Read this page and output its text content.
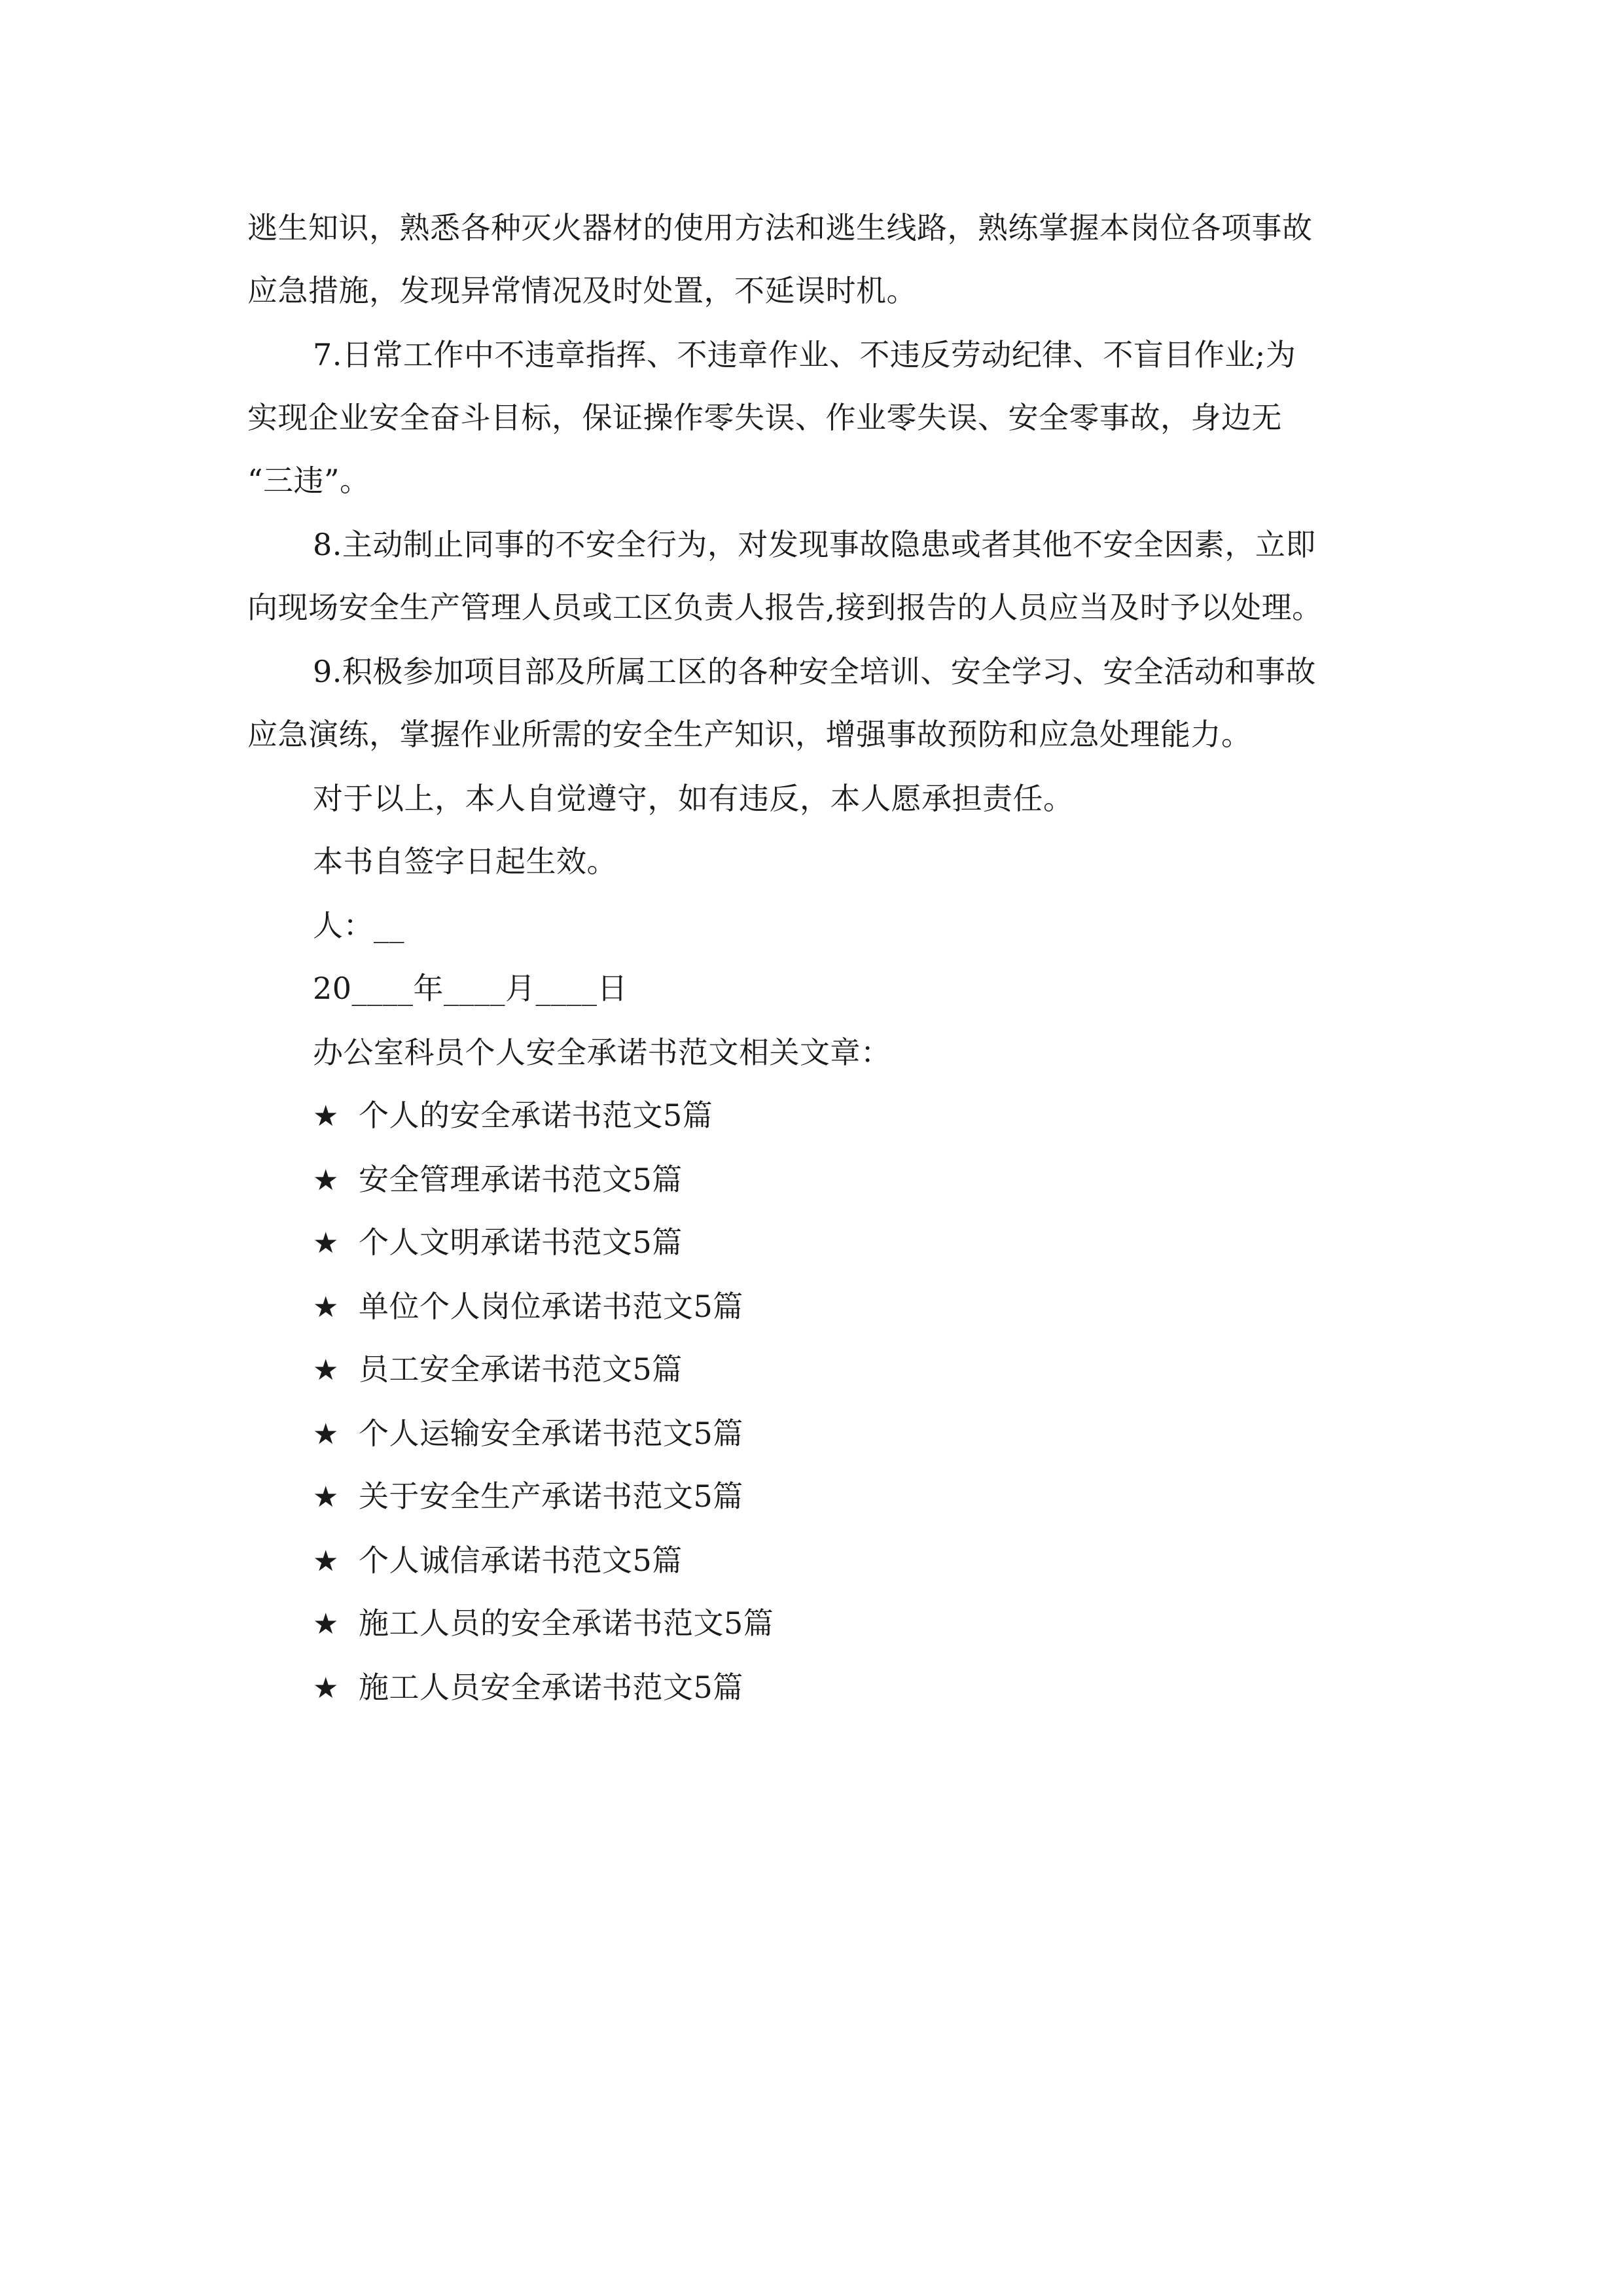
逃生知识，熟悉各种灭火器材的使用方法和逃生线路，熟练掌握本岗位各项事故
应急措施，发现异常情况及时处置，不延误时机。
7.日常工作中不违章指挥、不违章作业、不违反劳动纪律、不盲目作业;为
实现企业安全奋斗目标，保证操作零失误、作业零失误、安全零事故，身边无
“三违”。
8.主动制止同事的不安全行为，对发现事故隐患或者其他不安全因素，立即
向现场安全生产管理人员或工区负责人报告,接到报告的人员应当及时予以处理。
9.积极参加项目部及所属工区的各种安全培训、安全学习、安全活动和事故
应急演练，掌握作业所需的安全生产知识，增强事故预防和应急处理能力。
对于以上，本人自觉遵守，如有违反，本人愿承担责任。
本书自签字日起生效。
人：__
20____年____月____日
办公室科员个人安全承诺书范文相关文章：
★ 个人的安全承诺书范文5篇
★ 安全管理承诺书范文5篇
★ 个人文明承诺书范文5篇
★ 单位个人岗位承诺书范文5篇
★ 员工安全承诺书范文5篇
★ 个人运输安全承诺书范文5篇
★ 关于安全生产承诺书范文5篇
★ 个人诚信承诺书范文5篇
★ 施工人员的安全承诺书范文5篇
★ 施工人员安全承诺书范文5篇
